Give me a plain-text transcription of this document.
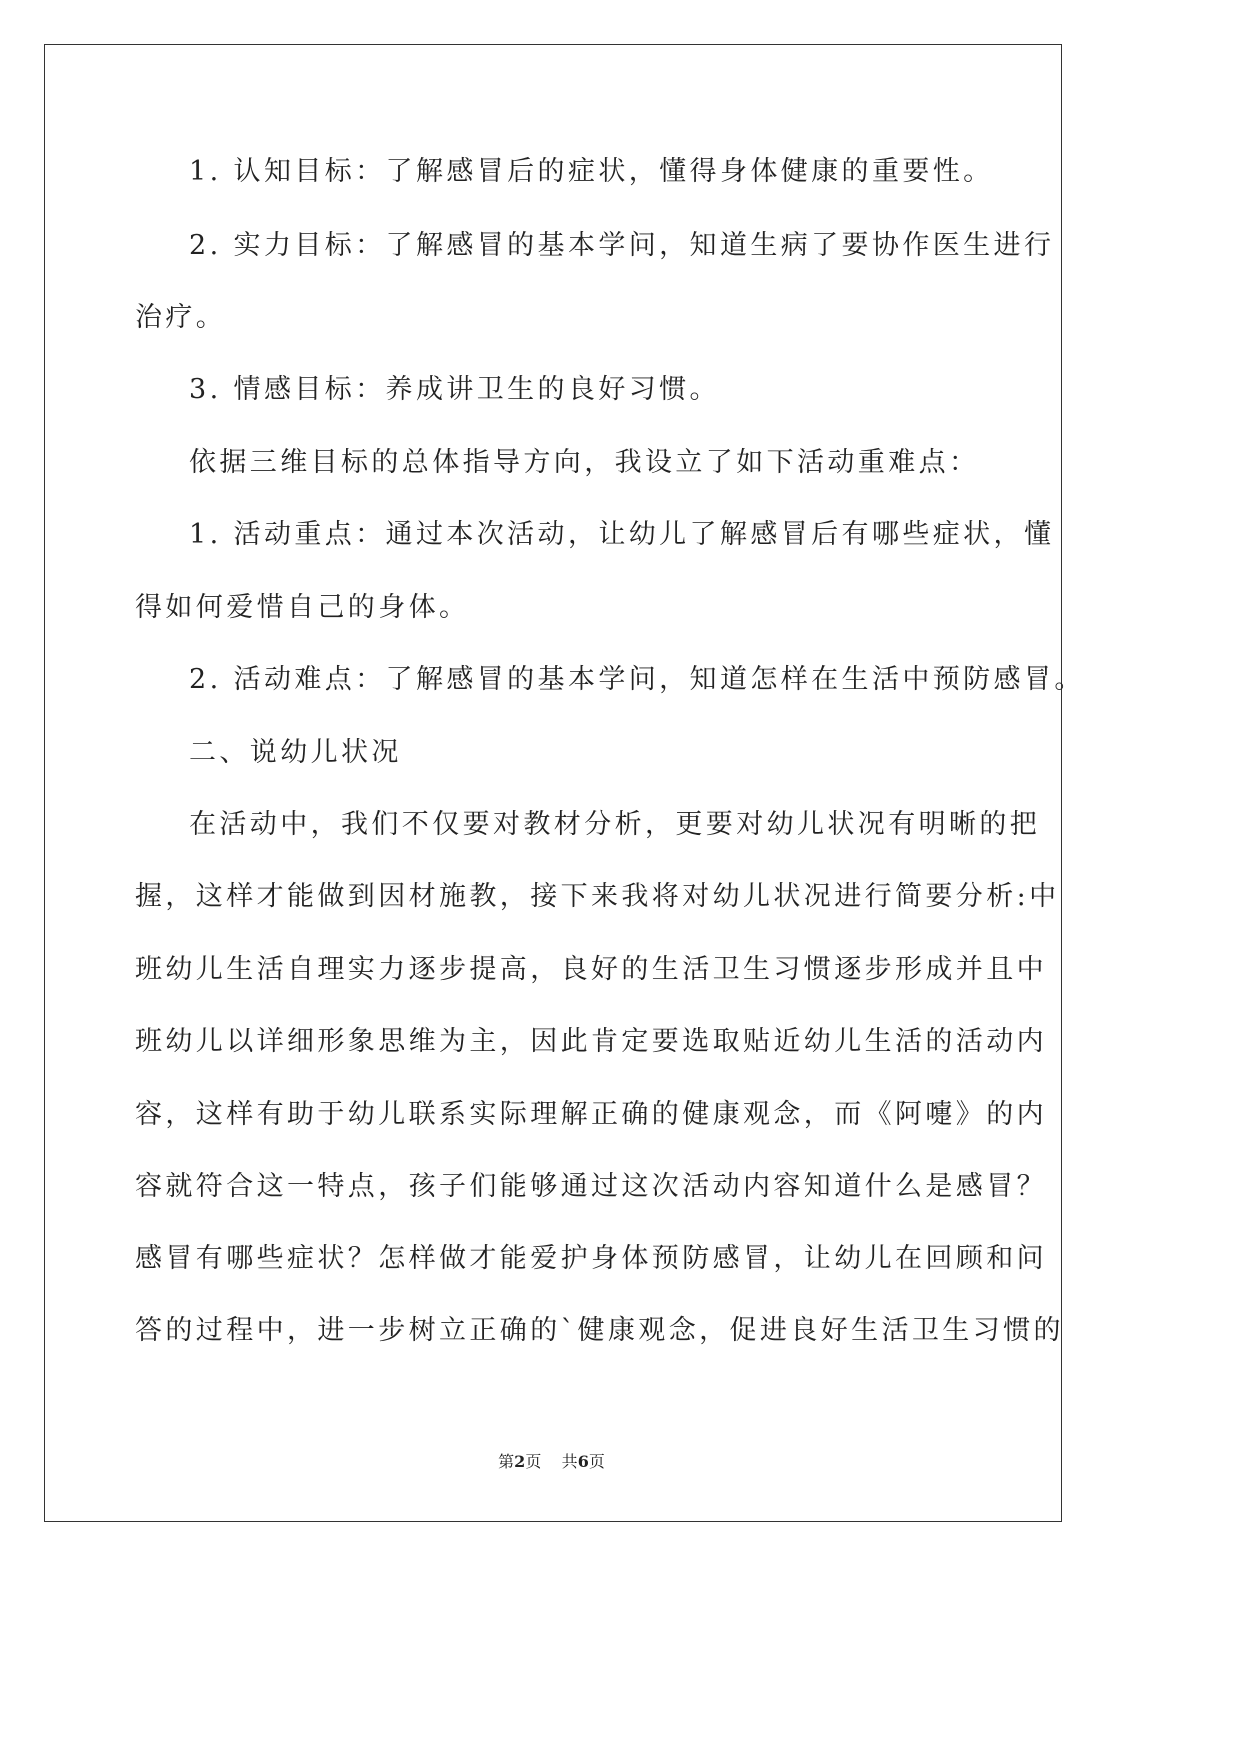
1. 认知目标：了解感冒后的症状，懂得身体健康的重要性。

2. 实力目标：了解感冒的基本学问，知道生病了要协作医生进行

治疗。

3. 情感目标：养成讲卫生的良好习惯。

依据三维目标的总体指导方向，我设立了如下活动重难点：

1. 活动重点：通过本次活动，让幼儿了解感冒后有哪些症状，懂

得如何爱惜自己的身体。

2. 活动难点：了解感冒的基本学问，知道怎样在生活中预防感冒。

二、说幼儿状况

在活动中，我们不仅要对教材分析，更要对幼儿状况有明晰的把

握，这样才能做到因材施教，接下来我将对幼儿状况进行简要分析:中

班幼儿生活自理实力逐步提高，良好的生活卫生习惯逐步形成并且中

班幼儿以详细形象思维为主，因此肯定要选取贴近幼儿生活的活动内

容，这样有助于幼儿联系实际理解正确的健康观念，而《阿嚏》的内

容就符合这一特点，孩子们能够通过这次活动内容知道什么是感冒？

感冒有哪些症状？怎样做才能爱护身体预防感冒，让幼儿在回顾和问

答的过程中，进一步树立正确的`健康观念，促进良好生活卫生习惯的

第2页 共6页
